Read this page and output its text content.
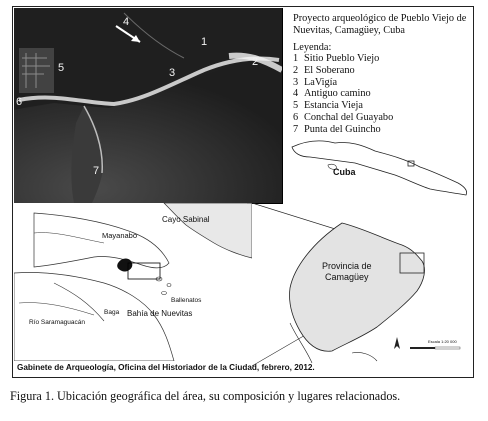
4
1
2
3
5
6
7
Proyecto arqueológico de Pueblo Viejo de Nuevitas, Camagüey, Cuba
Leyenda:
1 Sitio Pueblo Viejo
2 El Soberano
3 LaVigía
4 Antiguo camino
5 Estancia Vieja
6 Conchal del Guayabo
7 Punta del Guincho
Cuba
Cayo Sabinal
Mayanabo
Ballenatos
Bahía de Nuevitas
Río Saramaguacán
Baga
Provincia de
Camagüey
Escala 1:20 000
Gabinete de Arqueología, Oficina del Historiador de la Ciudad, febrero, 2012.
Figura 1. Ubicación geográfica del área, su composición y lugares relacionados.
